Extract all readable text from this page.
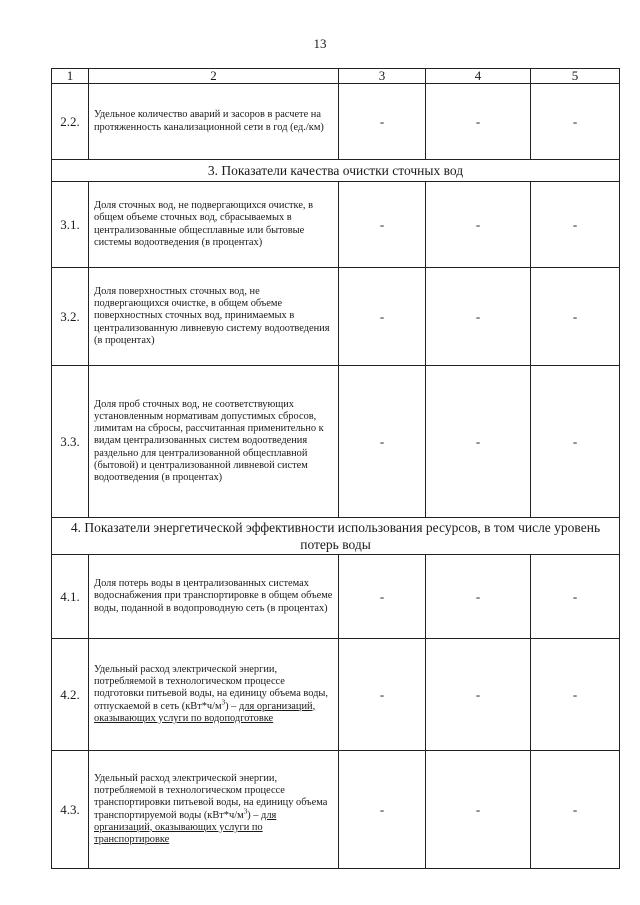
13
1	2	3	4	5
2.2.	Удельное количество аварий и засоров в расчете на протяженность канализационной сети в год (ед./км)	-	-	-
3. Показатели качества очистки сточных вод				
3.1.	Доля сточных вод, не подвергающихся очистке, в общем объеме сточных вод, сбрасываемых в централизованные общесплавные или бытовые системы водоотведения (в процентах)	-	-	-
3.2.	Доля поверхностных сточных вод, не подвергающихся очистке, в общем объеме поверхностных сточных вод, принимаемых в централизованную ливневую систему водоотведения (в процентах)	-	-	-
3.3.	Доля проб сточных вод, не соответствующих установленным нормативам допустимых сбросов, лимитам на сбросы, рассчитанная применительно к видам централизованных систем водоотведения раздельно для централизованной общесплавной (бытовой) и централизованной ливневой систем водоотведения (в процентах)	-	-	-
4. Показатели энергетической эффективности использования ресурсов, в том числе уровень потерь воды				
4.1.	Доля потерь воды в централизованных системах водоснабжения при транспортировке в общем объеме воды, поданной в водопроводную сеть (в процентах)	-	-	-
4.2.	Удельный расход электрической энергии, потребляемой в технологическом процессе подготовки питьевой воды, на единицу объема воды, отпускаемой в сеть $(кВт*ч/м^3)$ – для организаций, оказывающих услуги по водоподготовке	-	-	-
4.3.	Удельный расход электрической энергии, потребляемой в технологическом процессе транспортировки питьевой воды, на единицу объема транспортируемой воды $(кВт*ч/м^3)$ – для организаций, оказывающих услуги по транспортировке	-	-	-
